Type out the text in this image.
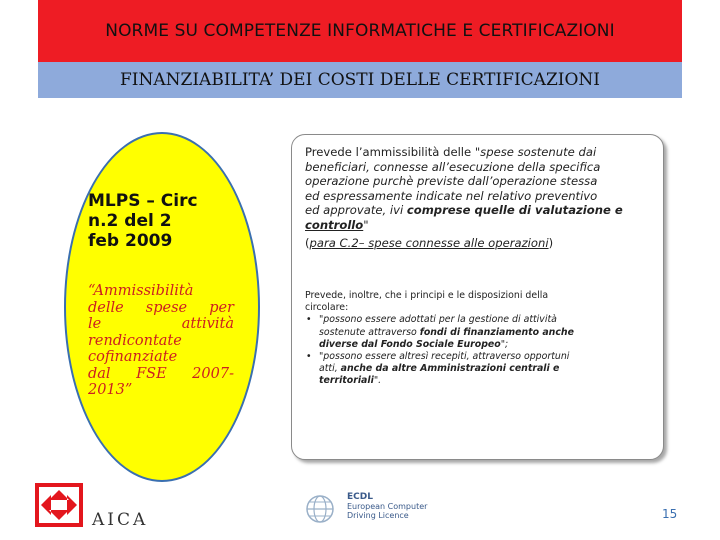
NORME SU COMPETENZE INFORMATICHE E CERTIFICAZIONI
FINANZIABILITA’ DEI COSTI DELLE CERTIFICAZIONI
MLPS – Circ
n.2 del 2
feb 2009
“Ammissibilità
delle spese per
le	attività
rendicontate
cofinanziate
dal FSE 2007-
2013”
Prevede l’ammissibilità delle "spese sostenute dai
beneficiari, connesse all’esecuzione della specifica
operazione purchè previste dall’operazione stessa
ed espressamente indicate nel relativo preventivo
ed approvate, ivi comprese quelle di valutazione e
controllo"
(para C.2– spese connesse alle operazioni)
Prevede, inoltre, che i principi e le disposizioni della
circolare:
• "possono essere adottati per la gestione di attività
sostenute attraverso fondi di finanziamento anche
diverse dal Fondo Sociale Europeo";
• "possono essere altresì recepiti, attraverso opportuni
atti, anche da altre Amministrazioni centrali e
territoriali".
AICA
ECDL
European Computer
Driving Licence	15
